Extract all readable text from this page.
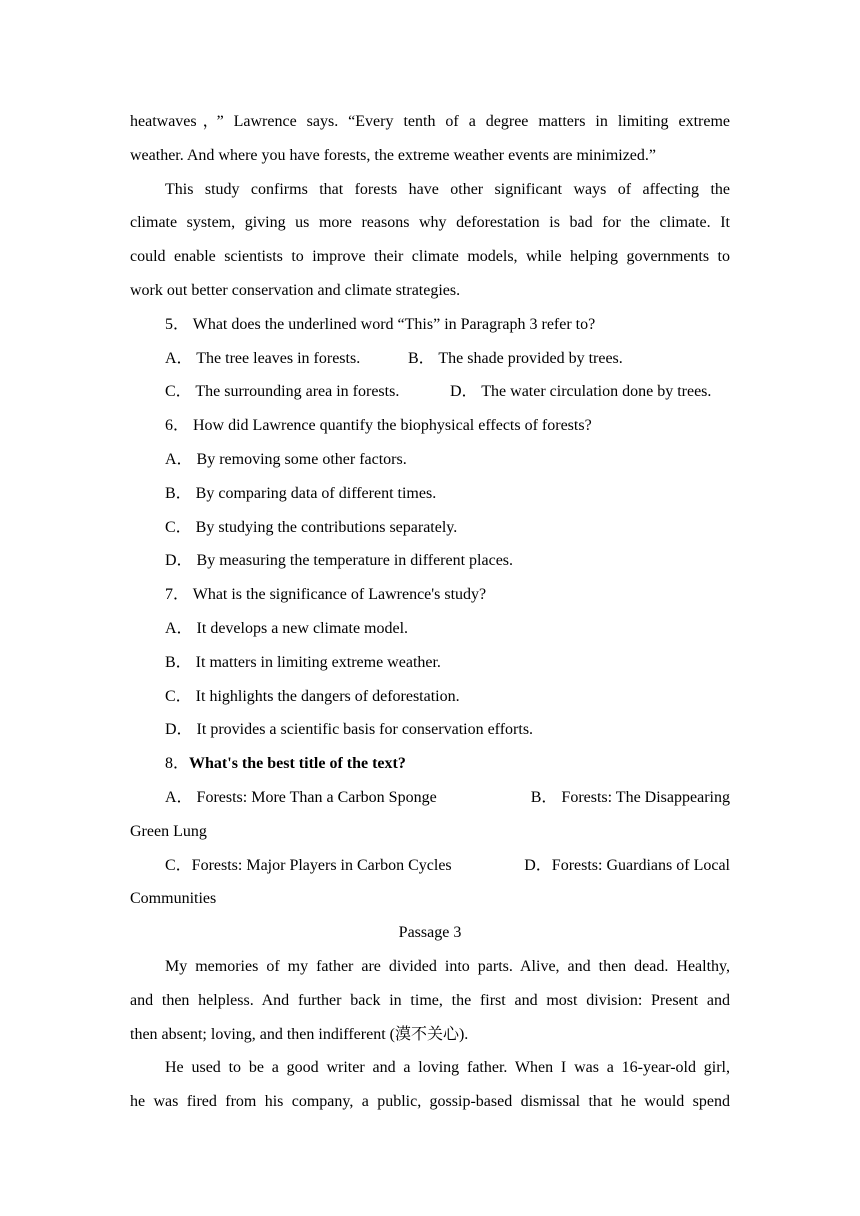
heatwaves，” Lawrence says. “Every tenth of a degree matters in limiting extreme
weather. And where you have forests, the extreme weather events are minimized.”
This study confirms that forests have other significant ways of affecting the
climate system, giving us more reasons why deforestation is bad for the climate. It
could enable scientists to improve their climate models, while helping governments to
work out better conservation and climate strategies.
5． What does the underlined word “This” in Paragraph 3 refer to?
A． The tree leaves in forests.	B． The shade provided by trees.
C． The surrounding area in forests.	D． The water circulation done by trees.
6． How did Lawrence quantify the biophysical effects of forests?
A． By removing some other factors.
B． By comparing data of different times.
C． By studying the contributions separately.
D． By measuring the temperature in different places.
7． What is the significance of Lawrence's study?
A． It develops a new climate model.
B． It matters in limiting extreme weather.
C． It highlights the dangers of deforestation.
D． It provides a scientific basis for conservation efforts.
8．What's the best title of the text?
A． Forests: More Than a Carbon Sponge	B． Forests: The Disappearing
Green Lung
C．Forests: Major Players in Carbon Cycles	D．Forests: Guardians of Local
Communities
Passage 3
My memories of my father are divided into parts. Alive, and then dead. Healthy,
and then helpless. And further back in time, the first and most division: Present and
then absent; loving, and then indifferent (漠不关心).
He used to be a good writer and a loving father. When I was a 16-year-old girl,
he was fired from his company, a public, gossip-based dismissal that he would spend
